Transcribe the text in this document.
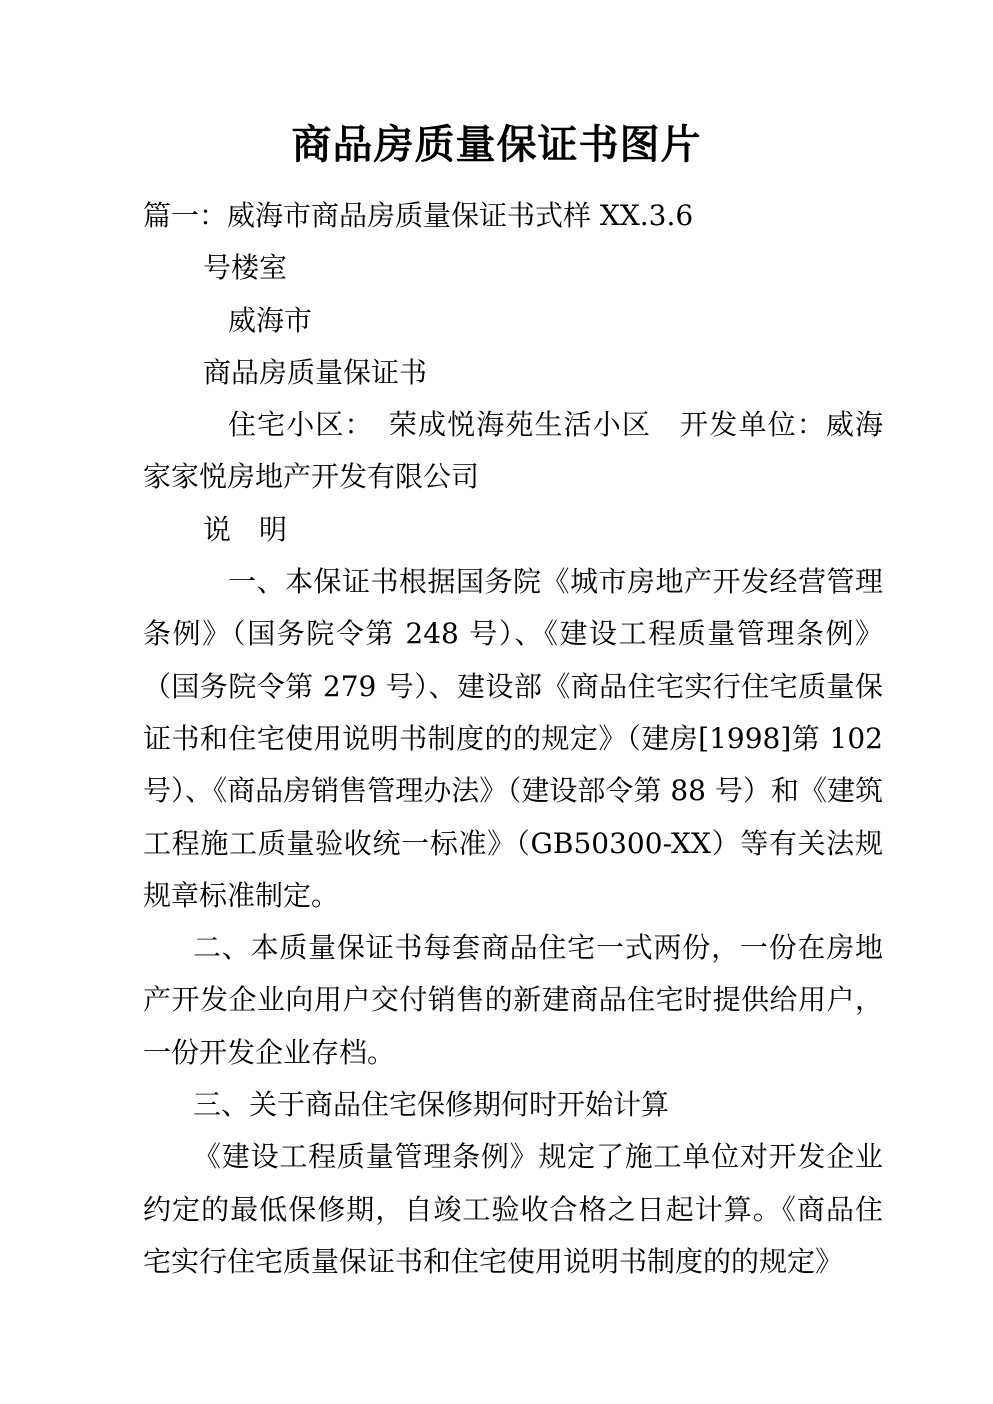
商品房质量保证书图片

篇一：威海市商品房质量保证书式样 XX.3.6

号楼室

威海市

商品房质量保证书

住宅小区：　荣成悦海苑生活小区　开发单位：威海家家悦房地产开发有限公司

说　明

一、本保证书根据国务院《城市房地产开发经营管理条例》（国务院令第 248 号）、《建设工程质量管理条例》（国务院令第 279 号）、建设部《商品住宅实行住宅质量保证书和住宅使用说明书制度的的规定》（建房[1998]第 102 号）、《商品房销售管理办法》（建设部令第 88 号）和《建筑工程施工质量验收统一标准》（GB50300-XX）等有关法规规章标准制定。

二、本质量保证书每套商品住宅一式两份，一份在房地产开发企业向用户交付销售的新建商品住宅时提供给用户，一份开发企业存档。

三、关于商品住宅保修期何时开始计算

《建设工程质量管理条例》规定了施工单位对开发企业约定的最低保修期，自竣工验收合格之日起计算。《商品住宅实行住宅质量保证书和住宅使用说明书制度的的规定》
